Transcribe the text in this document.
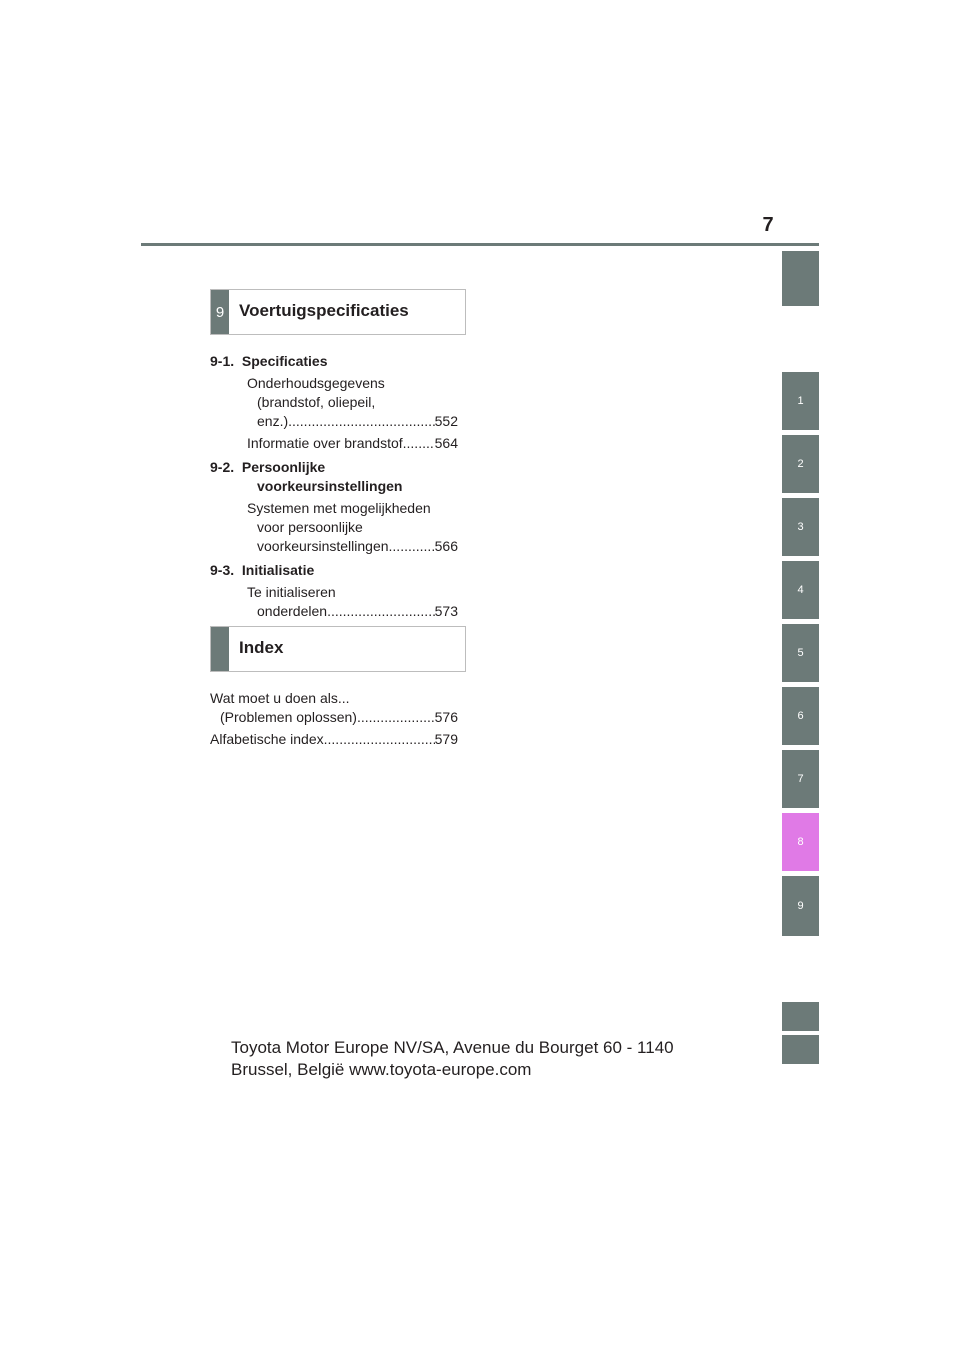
7
1
2
3
4
5
6
7
8
9
9 Voertuigspecificaties
9-1. Specificaties
Onderhoudsgegevens
(brandstof, oliepeil,
enz.) .....	552
Informatie over brandstof ..... 564
9-2. Persoonlijke
voorkeursinstellingen
Systemen met mogelijkheden
voor persoonlijke
voorkeursinstellingen .....	566
9-3. Initialisatie
Te initialiseren
onderdelen .....	573
Index
Wat moet u doen als...
(Problemen oplossen) .....	576
Alfabetische index .....	579
Toyota Motor Europe NV/SA, Avenue du Bourget 60 - 1140
Brussel, België www.toyota-europe.com
